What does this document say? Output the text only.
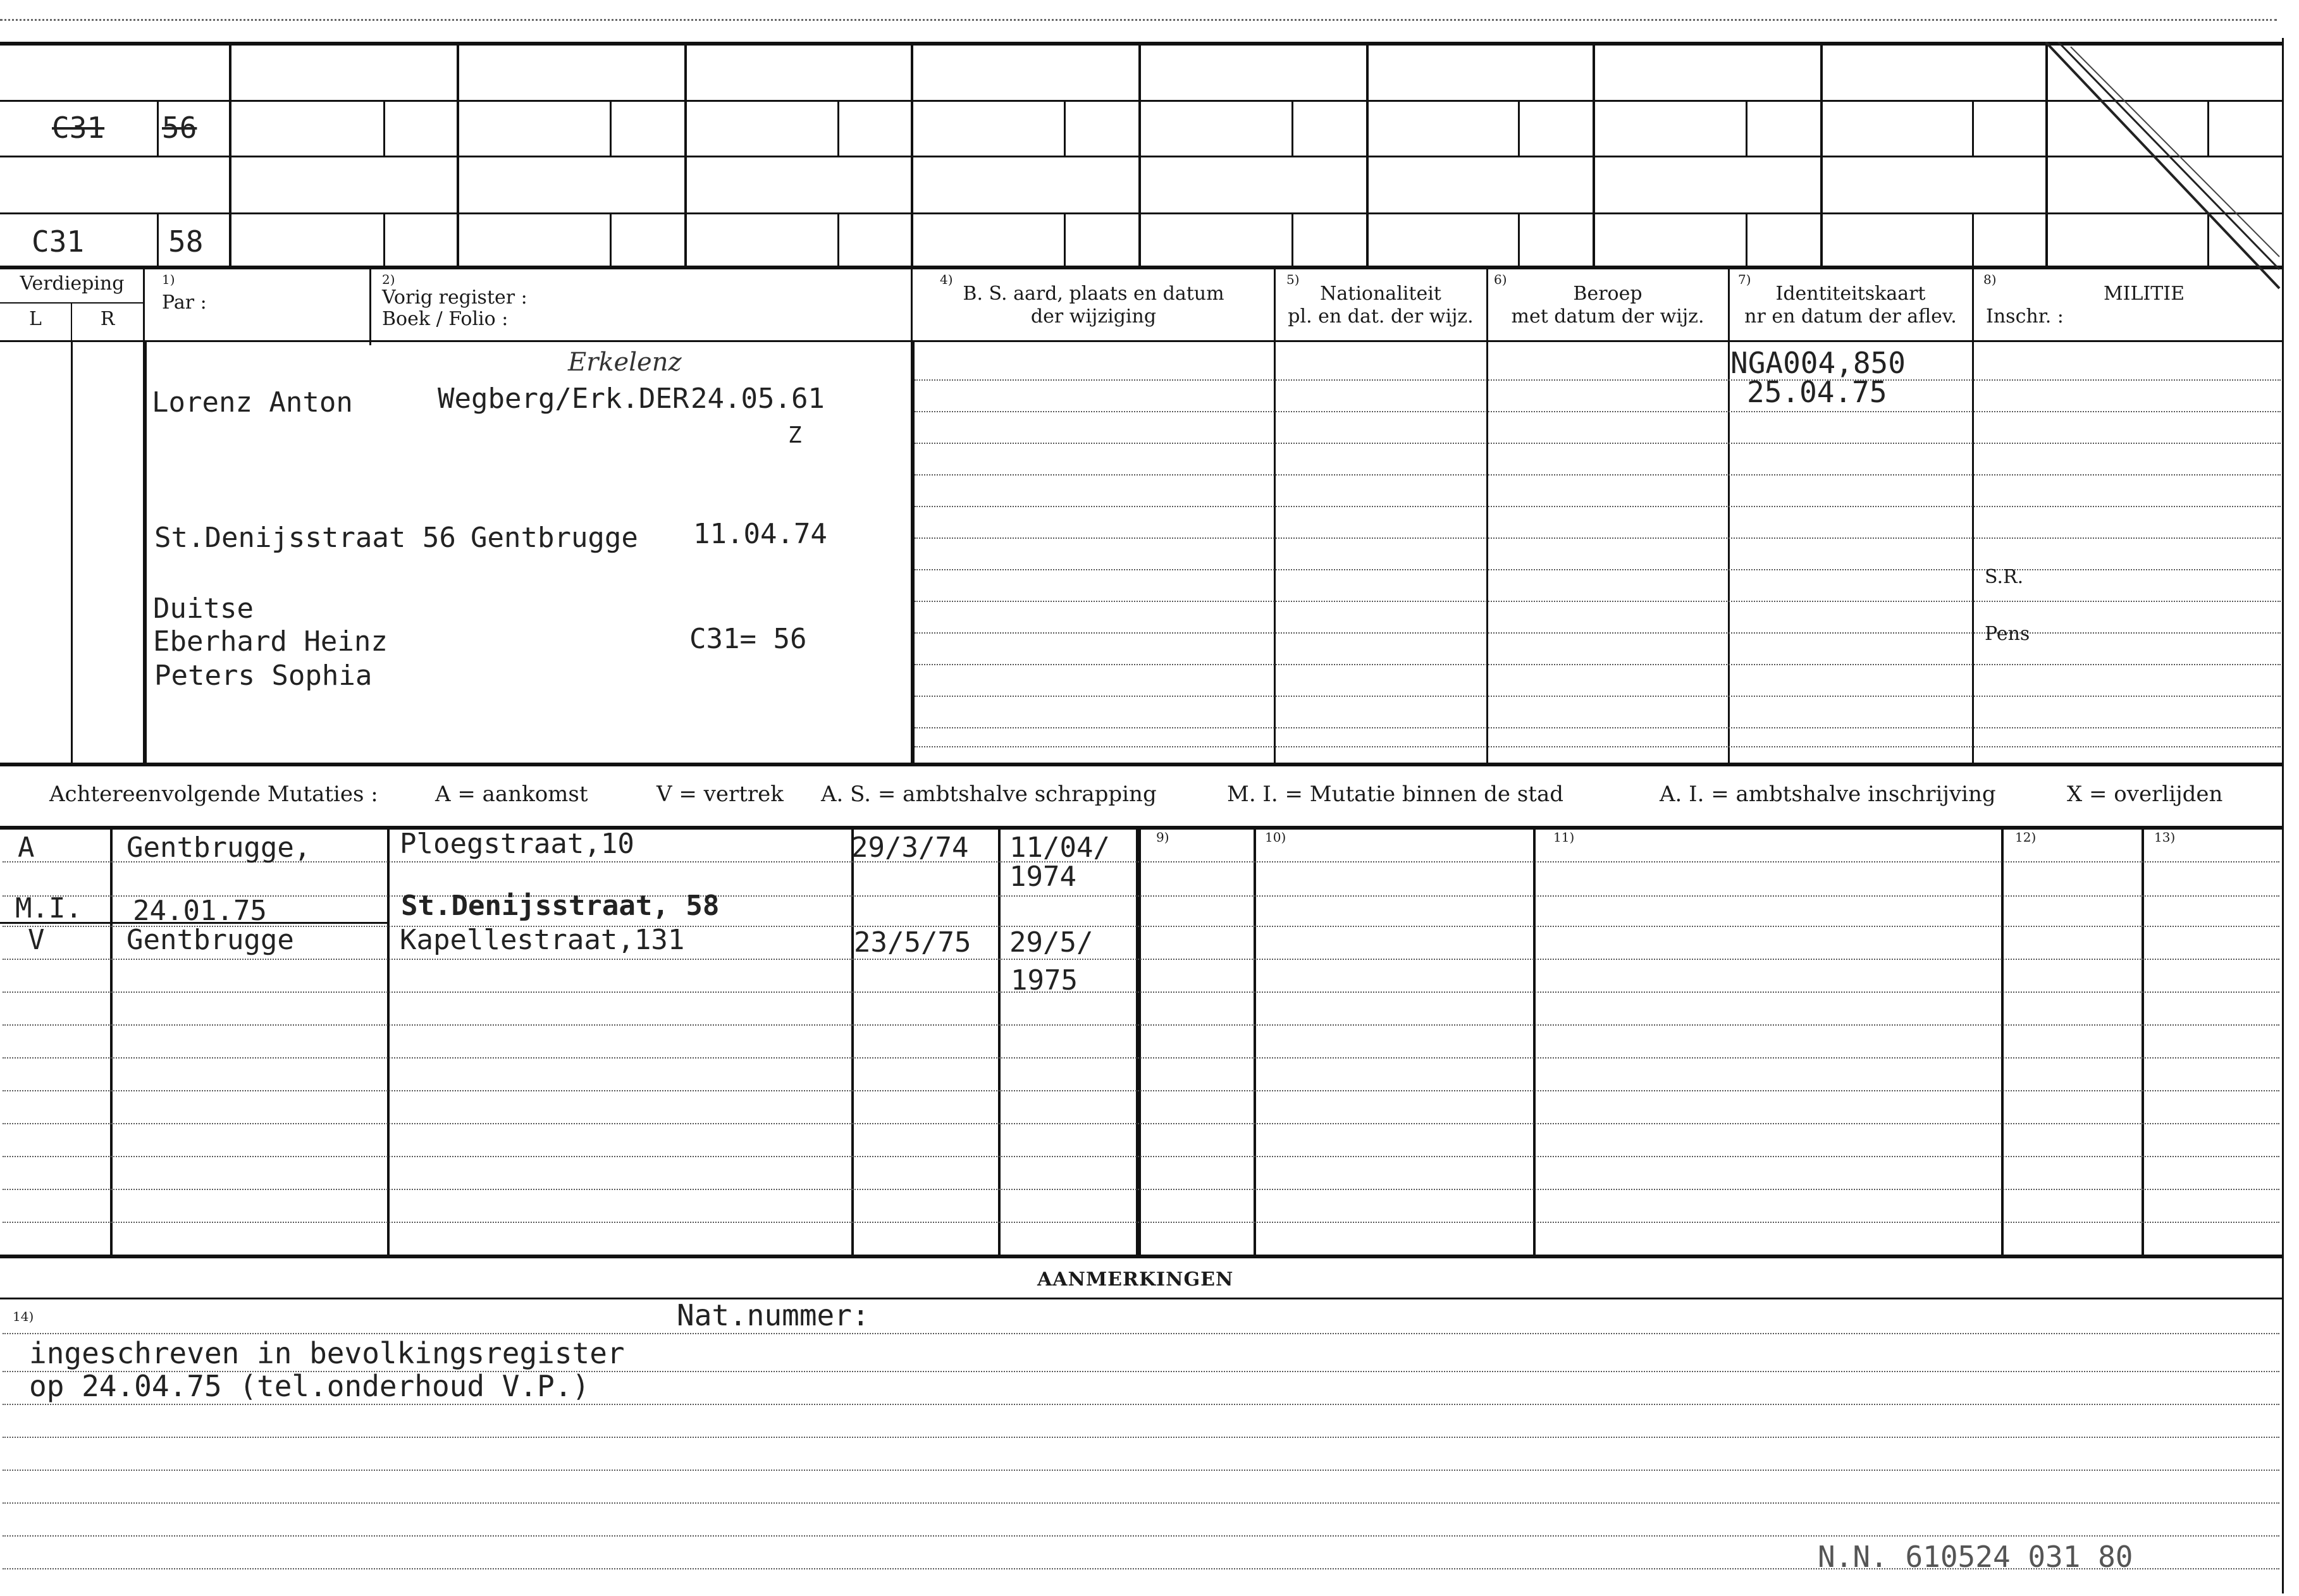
C31 56
C31	58
Verdieping
L	R
1)
Par :
2)
Vorig register :
Boek / Folio :
4)
B. S. aard, plaats en datum
der wijziging
5)
Nationaliteit
pl. en dat. der wijz.
6)
Beroep
met datum der wijz.
7)
Identiteitskaart
nr en datum der aflev.
8)
MILITIE
Inschr. :
Lorenz Anton
Erkelenz
Wegberg/Erk.DER 24.05.61
Z
St.Denijsstraat 56 Gentbrugge 11.04.74
Duitse
Eberhard Heinz
Peters Sophia
C31= 56
NGA004,850
25.04.75
S.R.
Pens
Achtereenvolgende Mutaties :	A = aankomst	V = vertrek A. S. = ambtshalve schrapping	M. I. = Mutatie binnen de stad	A. I. = ambtshalve inschrijving	X = overlijden
9)	10)	11)	12)	13)
A	Gentbrugge,	Ploegstraat,10	29/3/74 11/04/
1974
M.I. 24.01.75	St.Denijsstraat, 58
V	Gentbrugge	Kapellestraat,131	23/5/75 29/5/
1975
AANMERKINGEN
14)	Nat.nummer:
ingeschreven in bevolkingsregister
op 24.04.75 (tel.onderhoud V.P.)
N.N. 610524 031 80
